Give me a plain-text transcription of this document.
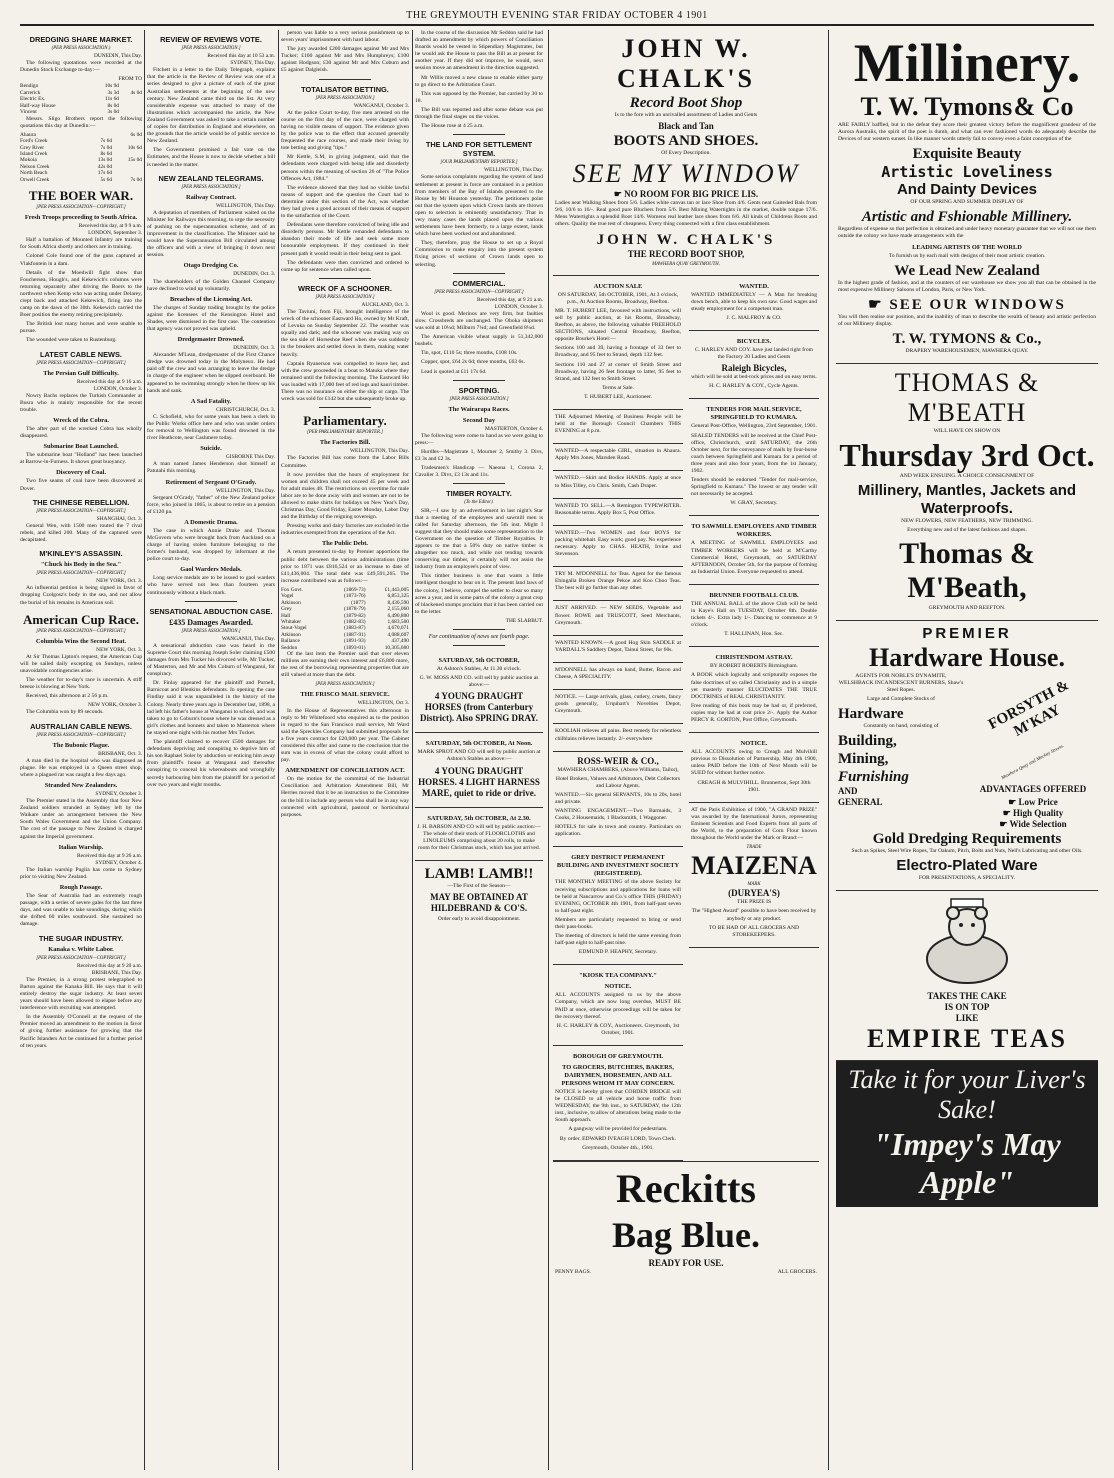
THE GREYMOUTH EVENING STAR FRIDAY OCTOBER 4 1901
DREDGING SHARE MARKET.
(PER PRESS ASSOCIATION.)
DUNEDIN, This Day.

The following quotations were recorded at the Dunedin Stock Exchange to-day:—

FROM TO
Bendigo	10s 9d	
Carrerick	3s 3d	4s 0d
Electric Ex.	11s 6d	
Half-way House	8s 0d	
Vincent	3s 0d	

Messrs. Sligo Brothers report the following quotations this day at Dunedin:—

Ahaura		6s 0d
Ford's Creek	7s 6d	
Grey River	7s 0d	10s 6d
Island Creek	8s 6d	
Mokoia	13s 0d	15s 0d
Nelson Creek	42s 0d	
North Beach	17s 6d	
Orwell Creek	5s 6d	7s 0d
THE BOER WAR.
[PER PRESS ASSOCIATION—COPYRIGHT.]
Fresh Troops proceeding to South Africa.
Received this day, at 9 9 a.m.
LONDON, September 3.

Half a battalion of Mounted Infantry are training for South Africa shortly and others are in training.

Colonel Cole found one of the guns captured at Vlakfontein in a dam.

Details of the Moedwill fight show that Fouchersea, Hough's, and Kekewich's columns were returning separately after driving the Boers to the northwest when Kemp who was acting under Delarey, crept back and attacked Kekewich, firing into the camp on the dawn of the 30th. Kekewich carried the Boer position the enemy retiring precipitately.

The British lost many horses and were unable to pursue.

The wounded were taken to Rustenburg.

LATEST CABLE NEWS.
[PER PRESS ASSOCIATION—COPYRIGHT.]
The Persian Gulf Difficulty.
Received this day at 9 16 a.m.
LONDON, October 3.

Nowry Bachs replaces the Turkish Commander at Busra who is mainly responsible for the recent trouble.

Wreck of the Cobra.

The after part of the wrecked Cobra has wholly disappeared.

Submarine Boat Launched.

The submarine boat "Holland" has been launched at Barrow-in-Furness. It shows great buoyancy.

Discovery of Coal.

Two five seams of coal have been discovered at Dover.

THE CHINESE REBELLION.
[PER PRESS ASSOCIATION—COPYRIGHT.]
SHANGHAI, Oct. 3.

General Wen, with 1500 men routed the 7 rival rebels, and killed 200. Many of the captured were decapitated.

M'KINLEY'S ASSASSIN.
"Chuck his Body in the Sea."
[PER PRESS ASSOCIATION—COPYRIGHT.]
NEW YORK, Oct. 3.

An influential petition is being signed in favor of dropping Czolgosz's body in the sea, and not allow the burial of his remains in American soil.

American Cup Race.
[PER PRESS ASSOCIATION—COPYRIGHT.]
Columbia Wins the Second Heat.
NEW YORK, Oct. 3.

At Sir Thomas Lipton's request, the American Cup will be sailed daily excepting on Sundays, unless unavoidable contingencies arise.

The weather for to-day's race is uncertain. A stiff breeze is blowing at New York.

Received, this afternoon at 2 56 p.m.

NEW YORK, October 3.

The Columbia won by 89 seconds.

AUSTRALIAN CABLE NEWS.
[PER PRESS ASSOCIATION—COPYRIGHT.]
The Bubonic Plague.
BRISBANE, Oct. 3.

A man died in the hospital who was diagnosed as plague. He was employed in a Queen street shop, where a plagued rat was caught a few days ago.

Stranded New Zealanders.
SYDNEY, October 3.

The Premier stated in the Assembly that four New Zealand soldiers stranded at Sydney left by the Waikare under an arrangement between the New South Wales Government and the Union Company. The cost of the passage to New Zealand is charged against the Imperial government.

Italian Warship.
Received this day at 9 26 a.m.
SYDNEY, October 4.

The Italian warship Puglia has come to Sydney prior to visiting New Zealand.

Rough Passage.

The Sear of Australia had an extremely rough passage, with a series of severe gales for the last three days, and was unable to take soundings, during which she drifted 60 miles southward. She sustained no damage.

THE SUGAR INDUSTRY.
Kanaka v. White Labor.
[PER PRESS ASSOCIATION—COPYRIGHT.]
Received this day at 9 20 a.m.
BRISBANE, This Day.

The Premier, in a strong protest telegraphed to Barton against the Kanaka Bill. He says that it will entirely destroy the sugar industry. At least seven years should have been allowed to elapse before any interference with recruiting was attempted.

In the Assembly O'Connell at the request of the Premier moved an amendment to the motion in favor of giving further assistance for growing that the Pacific Islanders Act be continued for a further period of ten years.

REVIEW OF REVIEWS VOTE.
[PER PRESS ASSOCIATION.]
Received this day at 10 53 a.m.
SYDNEY, This Day.

Fitchett in a letter to the Daily Telegraph, explains that the article in the Review of Review was one of a series designed to give a picture of each of the great Australian settlements at the beginning of the new century. New Zealand came third on the list. At very considerable expense was attached to many of the illustrations which accompanied the article, the New Zealand Government was asked to take a certain number of copies for distribution in England and elsewhere, on the grounds that the article would be of public service to New Zealand.

The Government promised a fair vote on the Estimates, and the House is now to decide whether a bill is needed in the matter.

NEW ZEALAND TELEGRAMS.
[PER PRESS ASSOCIATION.]
Railway Contract.
WELLINGTON, This Day.

A deputation of members of Parliament waited on the Minister for Railways this morning, to urge the necessity of pushing on the superannuation scheme, and of an improvement in the classification. The Minister said he would have the Superannuation Bill circulated among the officers and with a view of bringing it down next session.

Otago Dredging Co.
DUNEDIN, Oct. 3.

The shareholders of the Golden Channel Company have declined to wind up voluntarily.

Breaches of the Licensing Act.

The charges of Sunday trading brought by the police against the licensees of the Kensington Hotel and Shades, were dismissed in the first case. The contention that agency was not proved was upheld.

Dredgemaster Drowned.
DUNEDIN, Oct. 3.

Alexander M'Lean, dredgemaster of the First Chance dredge was drowned today in the Molyneux. He had paid off the crew and was arranging to leave the dredge in charge of the engineer when he slipped overboard. He appeared to be swimming strongly when he threw up his hands and sank.

A Sad Fatality.
CHRISTCHURCH, Oct. 3.

C. Schofield, who for some years has been a clerk in the Public Works office here and who was under orders for removal to Wellington was found drowned in the river Heathcote, near Cashmere today.

Suicide.
GISBORNE This Day.

A man named James Henderson shot himself at Patutahi this morning.

Retirement of Sergeant O'Grady.
WELLINGTON, This Day.

Sergeant O'Grady, "father" of the New Zealand police force, who joined in 1865, is about to retire on a pension of £120 pa.

A Domestic Drama.

The case in which Annie Drake and Thomas McGovern who were brought back from Auckland on a charge of having stolen furniture belonging to the former's husband, was dropped by informant at the police court to-day.

Gaol Warders Medals.

Long service medals are to be issued to gaol warders who have served not less than fourteen years continuously without a black mark.

SENSATIONAL ABDUCTION CASE.
£435 Damages Awarded.
[PER PRESS ASSOCIATION.]
WANGANUI, This Day.

A sensational abduction case was heard in the Supreme Court this morning Joseph Soler claiming £500 damages from Mrs Tucker his divorced wife, Mr Tucker, of Masterton, and Mr and Mrs Coburn of Wanganui, for conspiracy.

Dr. Finlay appeared for the plaintiff and Purnell, Barnicoat and Blenkins defendants. In opening the case Findlay said it was unparalleled in the history of the Colony. Nearly three years ago in December last, 1898, a lad left his father's house at Wanganui to school, and was taken to go to Coburn's house where he was dressed as a girl's clothes and bonnets and taken to Masterton where he stayed one night with his mother Mrs Tucker.

The plaintiff claimed to recover £500 damages for defendants depriving and conspiring to deprive him of his son Raphael Soler by abduction or enticing him away from plaintiff's house at Wanganui and thereafter conspiring to conceal his whereabouts and wrongfully secretly harbouring him from the plaintiff for a period of over two years and eight months.

person was liable to a very serious punishment up to seven years' imprisonment with hard labour.

The jury awarded £200 damages against Mr and Mrs Tucker; £100 against Mr and Mrs Humphreys; £100 against Hodgson; £30 against Mr and Mrs Coburn and £5 against Dalgleish.

TOTALISATOR BETTING.
[PER PRESS ASSOCIATION.]
WANGANUI, October 3.

At the police Court to-day, five men arrested on the course on the first day of the race, were charged with having no visible means of support. The evidence given by the police was to the effect that accused generally frequented the race courses, and made their living by tote betting and giving "tips."

Mr Kettle, S.M, in giving judgment, said that the defendants were charged with being idle and disorderly persons within the meaning of section 26 of "The Police Offences Act, 1884."

The evidence showed that they had no visible lawful means of support and the question the Court had to determine under this section of the Act, was whether they had given a good account of their means of support to the satisfaction of the Court.

Defendants were therefore convicted of being idle and disorderly persons. Mr Kettle remanded defendants to abandon their mode of life and seek some more honourable employment. If they continued in their present path it would result in their being sent to gaol.

The defendants were then convicted and ordered to come up for sentence when called upon.

WRECK OF A SCHOONER.
[PER PRESS ASSOCIATION.]
AUCKLAND, Oct. 3.

The Taviuni, from Fiji, brought intelligence of the wreck of the schooner Eastward Ho, owned by Mr Kraft, of Levuka on Sunday September 22. The weather was squally and dark; and the schooner was making way on the sea side of Horseshoe Reef when she was suddenly in the breakers and settled down in them, making water heavily.

Captain Ryanerson was compelled to leave her, and with the crew proceeded in a boat to Matuka where they remained until the following morning. The Eastward Ho was loaded with 17,000 feet of red logs and kauri timber. There was no insurance on either the ship or cargo. The wreck was sold for £142 but she subsequently broke up.

Parliamentary.
[PER PARLIAMENTARY REPORTER.]
The Factories Bill.
WELLINGTON, This Day.

The Factories Bill has come from the Labor Bills Committee.

It now provides that the hours of employment for women and children shall not exceed 45 per week and for adult males 48. The restrictions on overtime for male labor are to be done away with and women are not to be allowed to make shirts for holidays on New Year's Day, Christmas Day, Good Friday, Easter Monday, Labor Day and the Birthday of the reigning sovereign.

Pressing works and dairy factories are excluded in the industries exempted from the operations of the Act.

The Public Debt.

A return presented to-day by Premier apportions the public debt between the various administrations (time prior to 1871 was £816,524 or an increase to date of £41,436,004. The total debt was £49,591,265. The increase contributed was as follows:—

Fox Govt.	(1869-73)	£1,443,005
Vogel	(1873-76)	6,853,325
Atkinson	(1877)	8,430,590
Grey	(1878-79)	2,155,060
Hall	(1879-82)	6,490,800
Whitaker	(1882-83)	1,683,500
Stout-Vogel	(1883-87)	4,670,071
Atkinson	(1887-91)	4,088,607
Ballance	(1891-93)	437,490
Seddon	(1893-01)	10,305,600

Of the last item the Premier said that over eleven millions are earning their own interest and £6,800 more, the rest of the borrowing representing properties that are still valued at more than the debt.

[PER PRESS ASSOCIATION.]
THE FRISCO MAIL SERVICE.
WELLINGTON, Oct 3.

In the House of Representatives this afternoon in reply to Mr Whitefoord who enquired as to the position in regard to the San Francisco mail service, Mr Ward said the Spreckles Company had submitted proposals for a five years contract for £20,000 per year. The Cabinet considered this offer and came to the conclusion that the sum was in excess of what the colony could afford to pay.

AMENDMENT OF CONCILIATION ACT.

On the motion for the committal of the Industrial Conciliation and Arbitration Amendment Bill, Mr Herries moved that it be an instruction to the Committee on the bill to include any person who shall be in any way connected with agricultural, pastoral or horticultural purposes.

In the course of the discussion Mr Seddon said he had drafted an amendment by which powers of Conciliation Boards would be vested in Stipendiary Magistrates, but he would ask the House to pass the Bill as at present for another year. If they did not improve, he would, next session move an amendment in the direction suggested.

Mr Willis moved a new clause to enable either party to go direct to the Arbitration Court.

This was opposed by the Premier, but carried by 30 to 18.

The Bill was reported and after some debate was put through the final stages on the voices.

The House rose at 4 25 a.m.

THE LAND FOR SETTLEMENT SYSTEM.
[OUR PARLIAMENTARY REPORTER.]
WELLINGTON, This Day.

Some serious complaints regarding the system of land settlement at present in force are contained in a petition from members of the Bay of Islands presented to the House by Mr Houston yesterday. The petitioners point out that the system upon which Crown lands are thrown open to selection is eminently unsatisfactory. That in very many cases the lands placed upon the various settlements have been formerly, to a large extent, lands which have been worked out and abandoned.

They, therefore, pray the House to set up a Royal Commission to make enquiry into the present system fixing prices of sections of Crown lands open to selecting.

COMMERCIAL.
[PER PRESS ASSOCIATION—COPYRIGHT.]
Received this day, at 9 21 a.m.
LONDON, October 3.

Wool is good. Merinos are very firm, but faulties slow. Crossbreds are unchanged. The Oboka shipment was sold at 10¼d; Milburn 7¼d; and Greenfield 8¼d.

The American visible wheat supply is 51,342,000 bushels.

Tin, spot, £110 5s; three months, £108 10s.

Copper, spot, £64 2s 6d; three months, £63 6s.

Lead is quoted at £11 17s 6d.

SPORTING.
[PER PRESS ASSOCIATION.]
The Wairarapa Races.
Second Day
MASTERTON, October 4.

The following were come to hand as we were going to press:—

Hurdles—Magistrate 1, Mourner 2, Smithy 3. Divs, £3 3s and £2 3s.

Tradesmen's Handicap — Naeona 1, Corona 2, Cavalier 3. Divs, £3 13s and 11s.

TIMBER ROYALTY.
(To the Editor).

SIR,—I saw by an advertisement in last night's Star that a meeting of the employees and sawmill men is called for Saturday afternoon, the 5th inst. Might I suggest that they should make some representation to the Government on the question of Timber Royalties. It appears to me that a 50% duty on native timber is altogether too much, and while not tending towards conserving our timber, it certainly will not assist the industry from an employee's point of view.

This timber business is one that wants a little intelligent thought to bear on it. The present land laws of the colony, I believe, compel the settler to clear so many acres a year, and in some parts of the colony a great crop of blackened stumps proclaim that it has been carried out to the letter.

THE SLABBUT.
For continuation of news see fourth page.
SATURDAY, 5th OCTOBER,

At Ashton's Stables, At 11.30 o'clock.

G. W. MOSS AND CO. will sell by public auction as above:—

4 YOUNG DRAUGHT HORSES (from Canterbury District). Also SPRING DRAY.

SATURDAY, 5th OCTOBER, At Noon.

MARK SPROT AND CO will sell by public auction at Ashton's Stables as above:—

4 YOUNG DRAUGHT HORSES. 4 LIGHT HARNESS MARE, quiet to ride or drive.

SATURDAY, 5th OCTOBER, At 2.30.

J. H. BARSON AND CO will sell by public auction:—The whole of their stock of FLOORCLOTHS and LINOLEUMS comprising about 20 rolls, to make room for their Christmas stock, which has just arrived.

LAMB! LAMB!!

—The First of the Season—

MAY BE OBTAINED AT HILDEBRAND & CO'S.

Order early to avoid disappointment.

JOHN W. CHALK'S
Record Boot Shop

Is to the fore with an unrivalled assortment of Ladies and Gents

Black and Tan
BOOTS AND SHOES.

Of Every Description.

SEE MY WINDOW
☛ NO ROOM FOR BIG PRICE LIS.

Ladies neat Walking Shoes from 5/6. Ladies white canvas tan or lace Shoe from 4/6. Gents neat Gaiteded Bals from 9/6, 10/6 to 16/-. Real good pure Bluchers from 5/6. Best Mining Watertights in the market, double tongue 17/6. Mens Watertights a splendid Boot 14/6. Womens real leather lace shoes from 6/6. All kinds of Childrens Boots and others. Quality the true test of cheapness. Every thing connected with a first class establishment.

JOHN W. CHALK'S
THE RECORD BOOT SHOP,
MAWHERA QUAY GREYMOUTH.
AUCTION SALE

ON SATURDAY, 5th OCTOBER, 1901, At 3 o'clock, p.m., At Auction Rooms, Broadway, Reefton.

MR. T. HUBERT LEE, favoured with instructions, will sell by public auction, at his Rooms, Broadway, Reefton, as above, the following valuable FREEHOLD SECTIONS, situated Central Broadway, Reefton, opposite Bourke's Hotel:—

Sections 100 and 39, having a frontage of 33 feet to Broadway, and 95 feet to Strand, depth 132 feet.

Sections 110 and 27 at corner of Smith Street and Broadway, having 26 feet frontage to latter, 95 feet to Strand, and 132 feet to Smith Street.

Terms at Sale.

T. HUBERT LEE, Auctioneer.

THE Adjourned Meeting of Business People will be held at the Borough Council Chambers THIS EVENING at 8 p.m.

WANTED—A respectable GIRL, situation in Ahaura. Apply Mrs Jones, Marsden Road.

WANTED.—Skirt and Bodice HANDS. Apply at once to Miss Tilley, c/o Chris. Smith, Cash Draper.

WANTED TO SELL.—A Remington TYPEWRITER. Reasonable terms. Apply Box 5, Post Office.

WANTED.—Two WOMEN and four BOYS for packing whitebait. Easy work; good pay. No experience necessary. Apply to CHAS. HEATH, Irvine and Stevenson.

TRY M. M'DONNELL for Teas. Agent for the famous Ehingalla Broken Orange Pekoe and Koo Choo Teas. The best will go further than any other.

JUST ARRIVED. — NEW SEEDS, Vegetable and flower. ROWE and TRUSCOTT, Seed Merchants, Greymouth.

WANTED KNOWN.—A good Hog Skin SADDLE at YARDALL'S Saddlery Depot, Tainui Street, for 60s.

M'DONNELL has always on hand, Butter, Bacon and Cheese, A SPECIALITY.

NOTICE. — Large arrivals, glass, cutlery, cruets, fancy goods generally, Urquhart's Novelties Depot, Greymouth.

KOOLIAH relieves all pains. Best remedy for relentless chilblains relieves instantly. 2/- everywhere

ROSS-WEIR & CO.,

MAWHERA CHAMBERS, (Above Williams, Tailor),

Hotel Brokers, Valuers and Arbitrators, Debt Collectors and Labour Agents.

WANTED.—Six general SERVANTS, 10s to 20s, hotel and private.

WANTING ENGAGEMENT.—Two Barmaids, 3 Cooks, 2 Housemaids, 1 Blacksmith, 1 Waggoner.

HOTELS for sale in town and country. Particulars on application.

GREY DISTRICT PERMANENT BUILDING AND INVESTMENT SOCIETY (REGISTERED).

THE MONTHLY MEETING of the above Society for receiving subscriptions and applications for loans will be held at Nancarrow and Co.'s office THIS (FRIDAY) EVENING, OCTOBER 4th 1901, from half-past seven to half-past eight.

Members are particularly requested to bring or send their pass-books.

The meeting of directors is held the same evening from half-past eight to half-past nine.

EDMUND P. HEAPHY, Secretary.

"KIOSK TEA COMPANY."
NOTICE.

ALL ACCOUNTS assigned to us by the above Company, which are now long overdue, MUST BE PAID at once, otherwise proceedings will be taken for the recovery thereof.

H. C. HARLEY & COY., Auctioneers. Greymouth, 1st October, 1901.

BOROUGH OF GREYMOUTH.
TO GROCERS, BUTCHERS, BAKERS, DAIRYMEN, HORSEMEN, AND ALL PERSONS WHOM IT MAY CONCERN.

NOTICE is hereby given that COBDEN BRIDGE will be CLOSED to all vehicle and horse traffic from WEDNESDAY, the 9th inst., to SATURDAY, the 12th inst., inclusive, to allow of alterations being made to the South approach.

A gangway will be provided for pedestrians.

By order. EDWARD IVEAGH LORD, Town Clerk.

Greymouth, October 4th., 1901.

WANTED.

WANTED IMMEDIATELY — A Man for breaking down bench, able to keep his own saw. Good wages and steady employment for a competent man.

J. C. MALFROY & CO.

BICYCLES.

C. HARLEY AND COY. have just landed right from the Factory 20 Ladies and Gents

Raleigh Bicycles,

which will be sold at bed-rock prices and on easy terms.

H. C. HARLEY & COY., Cycle Agents.

TENDERS FOR MAIL SERVICE, SPRINGFIELD TO KUMARA.

General Post-Office, Wellington, 23rd September, 1901.

SEALED TENDERS will be received at the Chief Post-office, Christchurch, until SATURDAY, the 26th October next, for the conveyance of mails by four-horse coach between Springfield and Kumara for a period of three years and also four years, from the 1st January, 1902.

Tenders should be endorsed "Tender for mail-service, Springfield to Kumara." The lowest or any tender will not necessarily be accepted.

W. GRAY, Secretary.

TO SAWMILL EMPLOYEES AND TIMBER WORKERS.

A MEETING of SAWMILL EMPLOYEES and TIMBER WORKERS will be held at M'Carthy Commercial Hotel, Greymouth, on SATURDAY AFTERNOON, October 5th, for the purpose of forming an Industrial Union. Everyone requested to attend.

BRUNNER FOOTBALL CLUB.

THE ANNUAL BALL of the above Club will be held in Kaye's Hall on TUESDAY, October 8th. Double tickets 4/-. Extra lady 1/-. Dancing to commence at 9 o'clock.

T. HALLINAN, Hon. Sec.

CHRISTENDOM ASTRAY.

BY ROBERT ROBERTS Birmingham.

A BOOK which logically and scripturally exposes the false doctrines of so called Christianity and in a simple yet masterly manner ELUCIDATES THE TRUE DOCTRINES of REAL CHRISTIANITY.

Free reading of this book may be had or, if preferred, copies may be had at cost price 2/-. Apply the Author PERCY R. GORTON, Post Office, Greymouth.

NOTICE.

ALL ACCOUNTS owing to Creagh and Mulvihill previous to Dissolution of Partnership, May 4th 1900, unless PAID before the 10th of Next Month will be SUED for without further notice.

CREAGH & MULVIHILL. Brunnerton, Sept 30th 1901.

AT the Paris Exhibition of 1900, "A GRAND PRIZE" was awarded by the International Jurors, representing Eminent Scientists and Food Experts from all parts of the World, to the preparation of Corn Flour known throughout the World under the Mark or Brand:—

TRADE MAIZENA MARK
(DURYEA'S)

THE PRIZE IS

The "Highest Award" possible to have been received by anybody or any product.

TO BE HAD OF ALL GROCERS AND STOREKEEPERS.

Reckitts
Bag Blue.
READY FOR USE.
PENNY BAGS.	ALL GROCERS.
Millinery.
T. W. Tymons & Co

ARE FAIRLY baffled, but in the defeat they score their greatest victory before the magnificent grandeur of the Aurora Australis, the spirit of the poet is dumb, and what can ever fashioned words do adequately describe the Devices of our western sunset. In like manner words utterly fail to convey even a faint conception of the

Exquisite Beauty
Artistic Loveliness
And Dainty Devices

OF OUR SPRING AND SUMMER DISPLAY OF

Artistic and Fshionable Millinery.

Regardless of expense so that perfection is obtained and under heavy monetary guarantee that we will not use them outside the colony we have made arrangements with the

LEADING ARTISTS OF THE WORLD

To furnish us by each mail with designs of their most artistic creation.

We Lead New Zealand

In the highest grade of fashion, and at the counters of our warehouse we show you all that can be obtained in the most expensive Millinery Saloons of London, Paris, or New York.

☛ SEE OUR WINDOWS

You will then realise our position, and the inability of man to describe the wealth of beauty and artistic perfection of our Millinery display.

T. W. TYMONS & Co.,

DRAPERY WAREHOUSEMEN, MAWHERA QUAY.

THOMAS & M'BEATH

WILL HAVE ON SHOW ON

Thursday 3rd Oct.

AND WEEK ENSUING. A CHOICE CONSIGNMENT OF

Millinery, Mantles, Jackets and Waterproofs.

NEW FLOWERS, NEW FEATHERS, NEW TRIMMING.

Everything new and of the latest fashions and shapes.

Thomas & M'Beath,

GREYMOUTH AND REEFTON.

PREMIER
Hardware House.

AGENTS FOR NOBLE'S DYNAMITE, WELSHBACK INCANDESCENT BURNERS, Shaw's Steel Ropes.

Large and Complete Stocks of

Hardware

Constantly on hand, consisting of

Building,
Mining,
Furnishing
AND
GENERAL
FORSYTH & M'KAY
Mawhera Quay and Mackay Streets.

ADVANTAGES OFFERED

☛ Low Price
☛ High Quality
☛ Wide Selection
Gold Dredging Requirements

Such as Spikes, Steel Wire Ropes, Tar Oakum, Pitch, Bolts and Nuts, Nell's Lubricating and other Oils.

Electro-Plated Ware

FOR PRESENTATIONS, A SPECIALITY.

TAKES THE CAKE
IS ON TOP
LIKE
EMPIRE TEAS
Take it for your Liver's Sake!
"Impey's May Apple"
